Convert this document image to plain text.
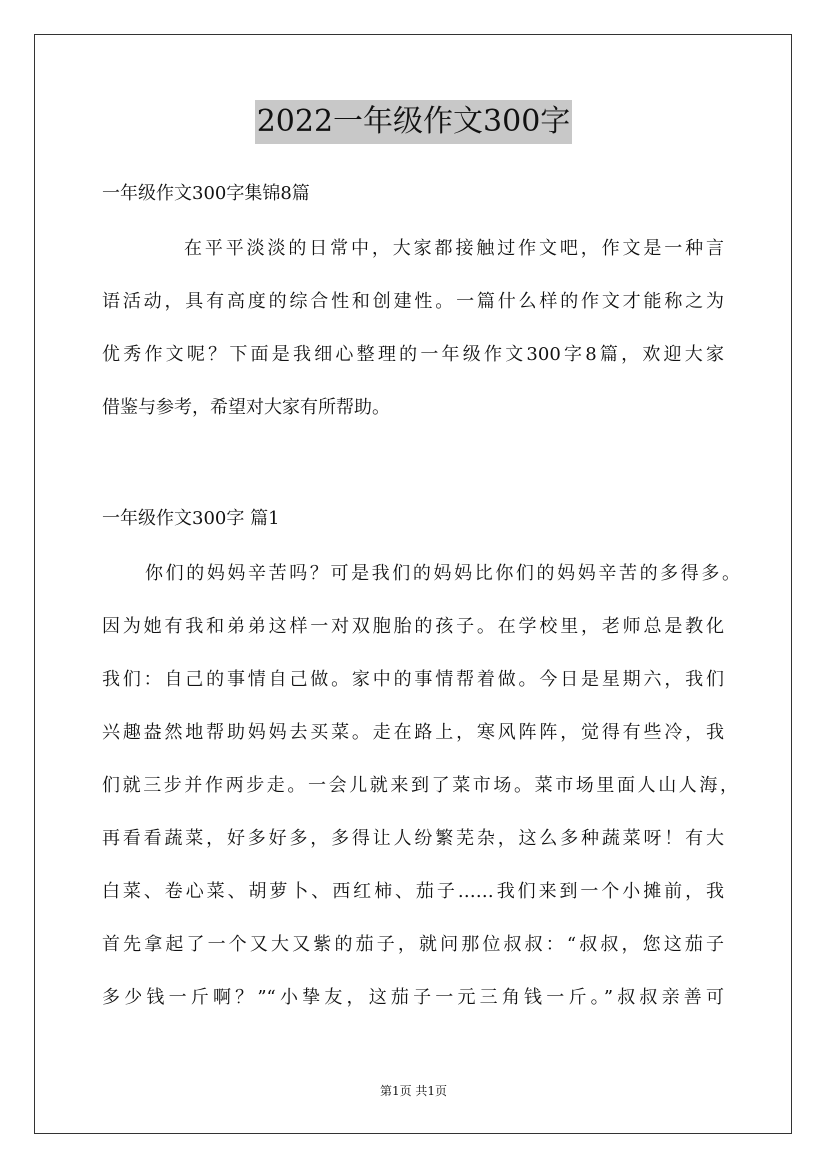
2022一年级作文300字
一年级作文300字集锦8篇
在平平淡淡的日常中，大家都接触过作文吧，作文是一种言
语活动，具有高度的综合性和创建性。一篇什么样的作文才能称之为
优秀作文呢？下面是我细心整理的一年级作文300字8篇，欢迎大家
借鉴与参考，希望对大家有所帮助。
一年级作文300字 篇1
你们的妈妈辛苦吗？可是我们的妈妈比你们的妈妈辛苦的多得多。
因为她有我和弟弟这样一对双胞胎的孩子。在学校里，老师总是教化
我们：自己的事情自己做。家中的事情帮着做。今日是星期六，我们
兴趣盎然地帮助妈妈去买菜。走在路上，寒风阵阵，觉得有些冷，我
们就三步并作两步走。一会儿就来到了菜市场。菜市场里面人山人海，
再看看蔬菜，好多好多，多得让人纷繁芜杂，这么多种蔬菜呀！有大
白菜、卷心菜、胡萝卜、西红柿、茄子……我们来到一个小摊前，我
首先拿起了一个又大又紫的茄子，就问那位叔叔：“叔叔，您这茄子
多少钱一斤啊？”“小挚友，这茄子一元三角钱一斤。”叔叔亲善可
第1页 共1页
